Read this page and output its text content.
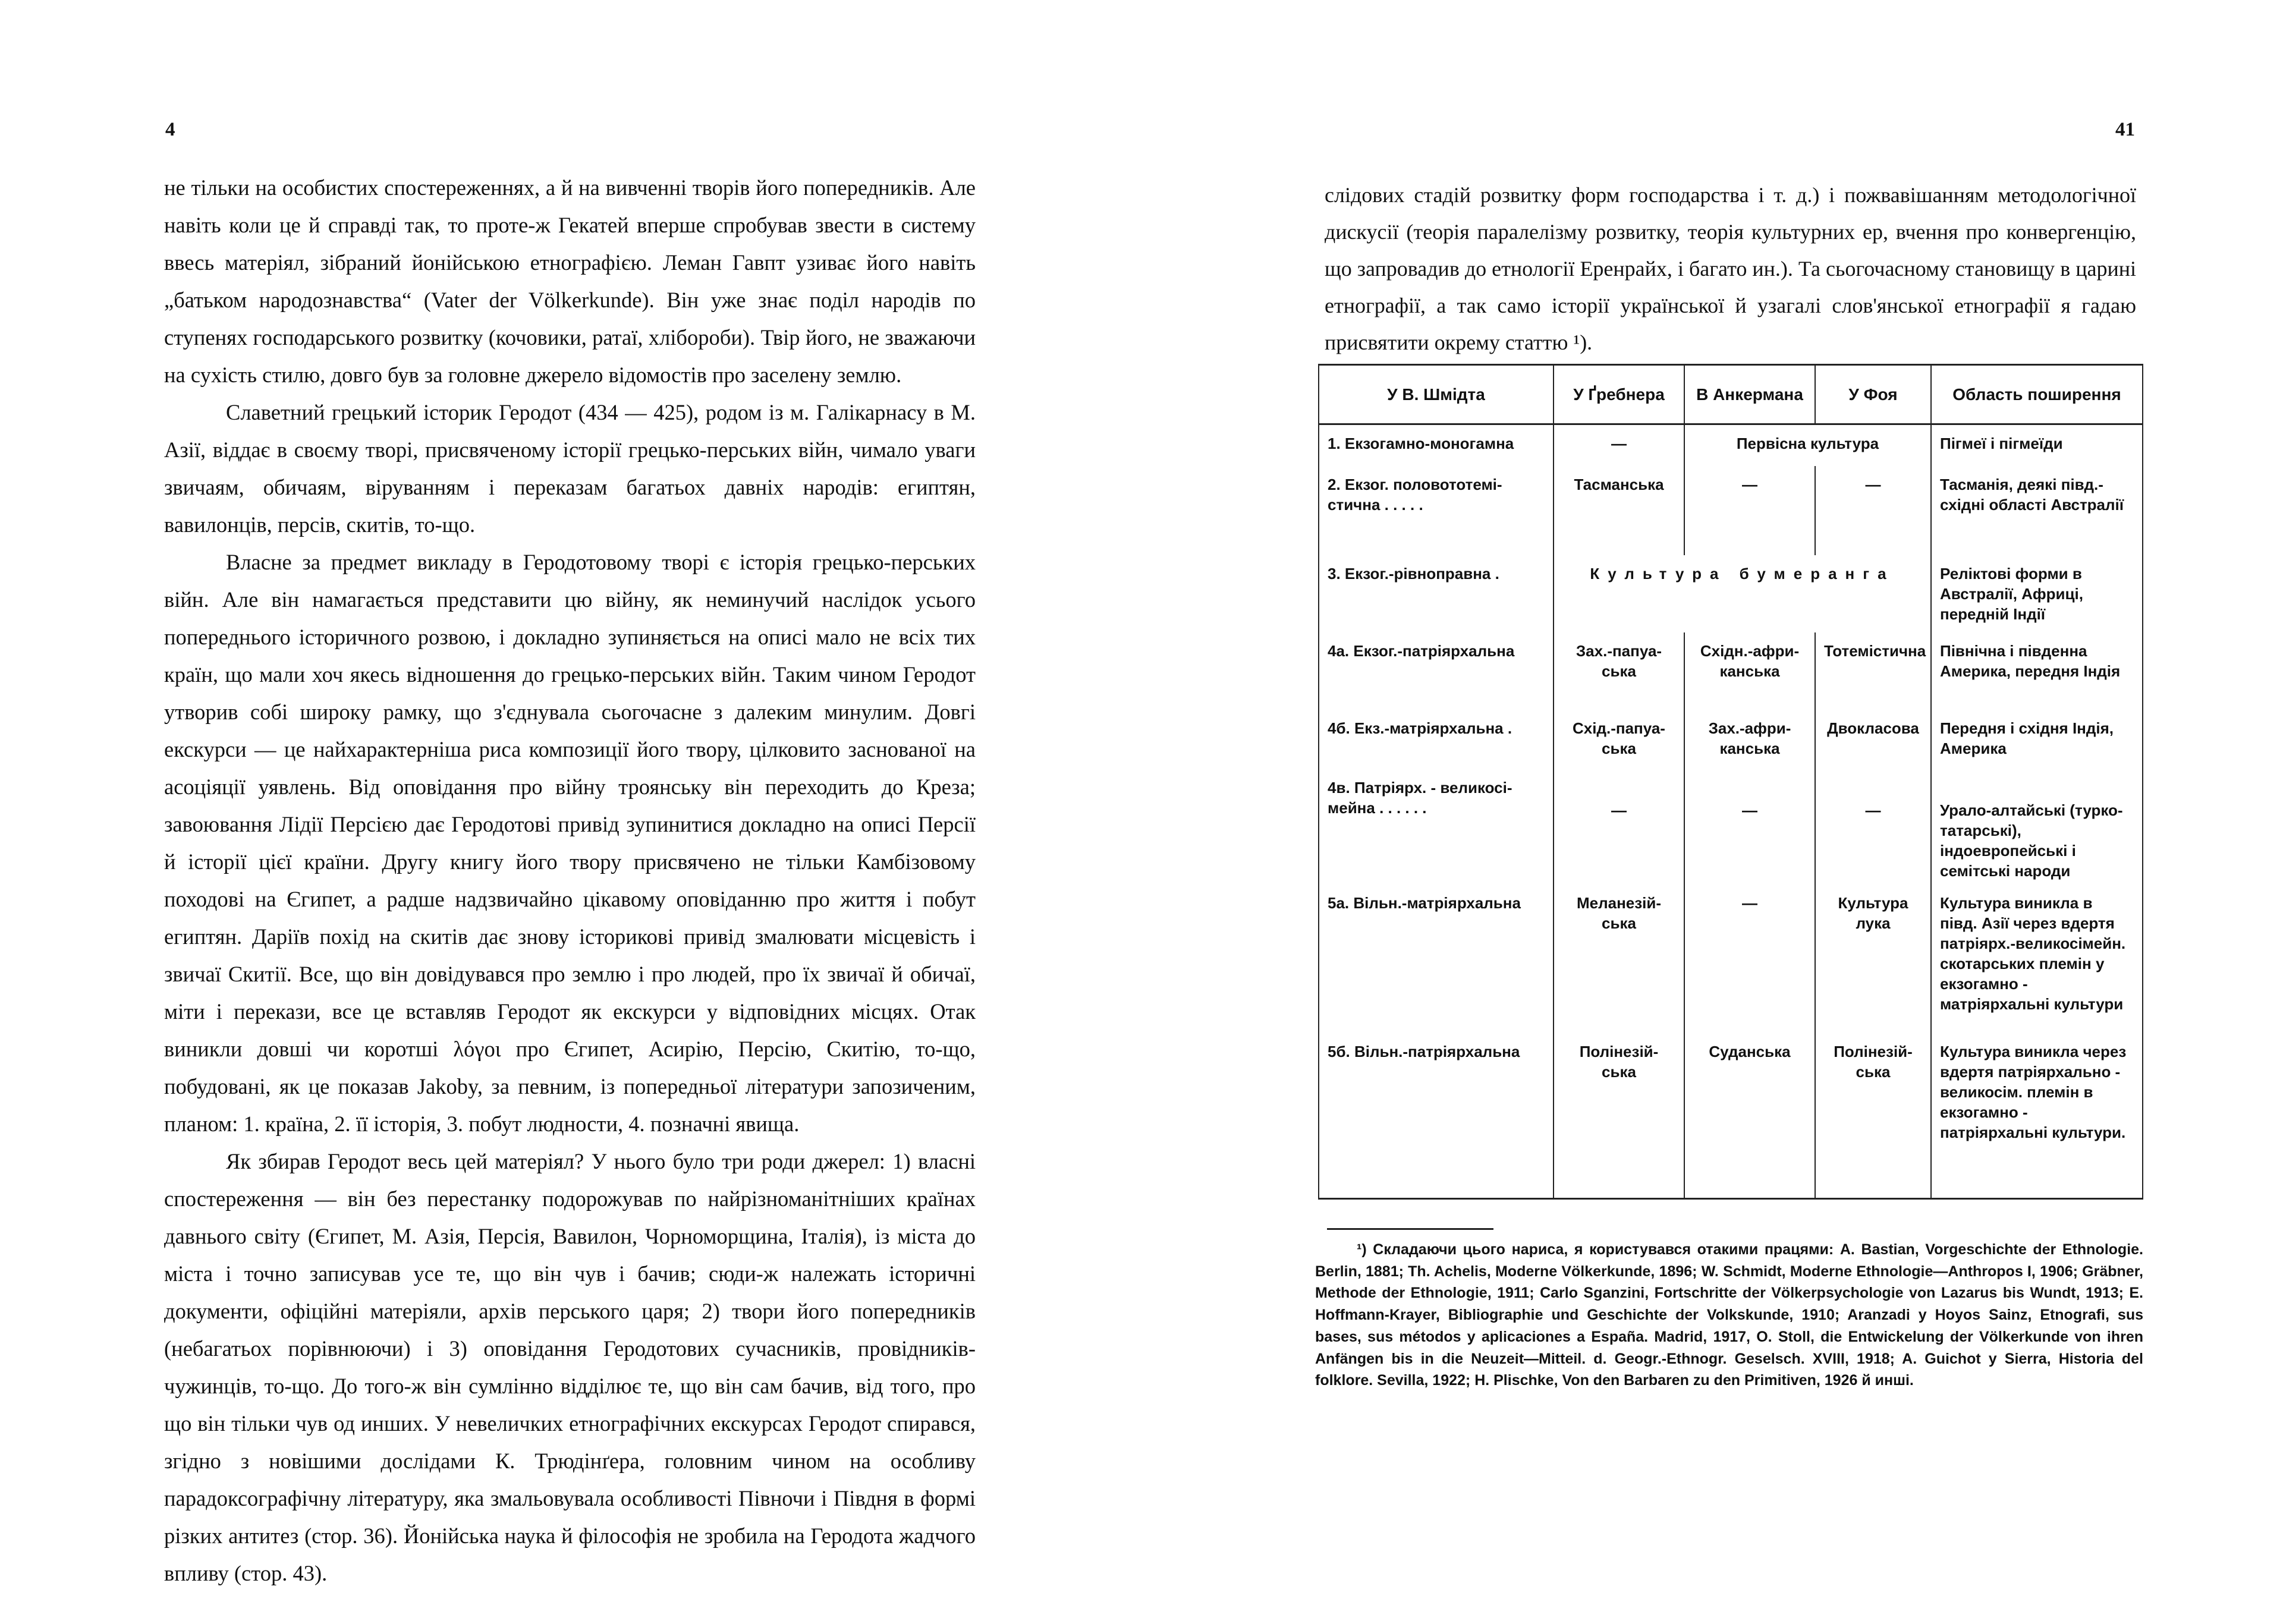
4	41

не тільки на особистих спостереженнях, а й на вивченні творів його попередників. Але навіть коли це й справді так, то проте-ж Гекатей вперше спробував звести в систему ввесь матеріял, зібраний йонійською етнографією. Леман Гавпт узиває його навіть „батьком народознавства“ (Vater der Völkerkunde). Він уже знає поділ народів по ступенях господарського розвитку (кочовики, ратаї, хлібороби). Твір його, не зважаючи на сухість стилю, довго був за головне джерело відомостів про заселену землю.

Славетний грецький історик Геродот (434 — 425), родом із м. Галікарнасу в М. Азії, віддає в своєму творі, присвяченому історії грецько-перських війн, чимало уваги звичаям, обичаям, віруванням і переказам багатьох давніх народів: египтян, вавилонців, персів, скитів, то-що.

Власне за предмет викладу в Геродотовому творі є історія грецько-перських війн. Але він намагається представити цю війну, як неминучий наслідок усього попереднього історичного розвою, і докладно зупиняється на описі мало не всіх тих країн, що мали хоч якесь відношення до грецько-перських війн. Таким чином Геродот утворив собі широку рамку, що з'єднувала сьогочасне з далеким минулим. Довгі екскурси — це найхарактерніша риса композиції його твору, цілковито заснованої на асоціяції уявлень. Від оповідання про війну троянську він переходить до Креза; завоювання Лідії Персією дає Геродотові привід зупинитися докладно на описі Персії й історії цієї країни. Другу книгу його твору присвячено не тільки Камбізовому походові на Єгипет, а радше надзвичайно цікавому оповіданню про життя і побут египтян. Даріїв похід на скитів дає знову історикові привід змалювати місцевість і звичаї Скитії. Все, що він довідувався про землю і про людей, про їх звичаї й обичаї, міти і перекази, все це вставляв Геродот як екскурси у відповідних місцях. Отак виникли довші чи коротші λόγοι про Єгипет, Асирію, Персію, Скитію, то-що, побудовані, як це показав Jakoby, за певним, із попередньої літератури запозиченим, планом: 1. країна, 2. її історія, 3. побут людности, 4. позначні явища.

Як збирав Геродот весь цей матеріял? У нього було три роди джерел: 1) власні спостереження — він без перестанку подорожував по найрізноманітніших країнах давнього світу (Єгипет, М. Азія, Персія, Вавилон, Чорноморщина, Італія), із міста до міста і точно записував усе те, що він чув і бачив; сюди-ж належать історичні документи, офіційні матеріяли, архів перського царя; 2) твори його попередників (небагатьох порівнюючи) і 3) оповідання Геродотових сучасників, провідників-чужинців, то-що. До того-ж він сумлінно відділює те, що він сам бачив, від того, про що він тільки чув од инших. У невеличких етнографічних екскурсах Геродот спирався, згідно з новішими дослідами К. Трюдінґера, головним чином на особливу парадоксографічну літературу, яка змальовувала особливості Півночи і Півдня в формі різких антитез (стор. 36). Йонійська наука й філософія не зробила на Геродота жадчого впливу (стор. 43).

слідових стадій розвитку форм господарства і т. д.) і пожвавішанням методологічної дискусії (теорія паралелізму розвитку, теорія культурних ер, вчення про конвергенцію, що запровадив до етнології Еренрайх, і багато ин.). Та сьогочасному становищу в царині етнографії, а так само історії української й узагалі слов'янської етнографії я гадаю присвятити окрему статтю ¹).

У В. Шмідта	У Ґребнера	В Анкермана	У Фоя	Область поширення
1. Екзогамно-моногамна	—	Первісна культура		Пігмеї і пігмеїди
2. Екзог. половототемі-стична . . . . .	Тасманська	—	—	Тасманія, деякі півд.-східні області Австралії
3. Екзог.-рівноправна .	Культура бумеранга			Реліктові форми в Австралії, Африці, передній Індії
4а. Екзог.-патріярхальна	Зах.-папуа-ська	Східн.-афри-канська	Тотемістична	Північна і південна Америка, передня Індія
4б. Екз.-матріярхальна .	Схід.-папуа-ська	Зах.-афри-канська	Двокласова	Передня і східня Індія, Америка
4в. Патріярх. - великосі-мейна . . . . . .	—	—	—	Урало-алтайські (турко-татарські), індоевропейські і семітські народи
5а. Вільн.-матріярхальна	Меланезій-ська	—	Культура лука	Культура виникла в півд. Азії через вдертя патріярх.-великосімейн. скотарських племін у екзогамно - матріярхальні культури
5б. Вільн.-патріярхальна	Полінезій-ська	Суданська	Полінезій-ська	Культура виникла через вдертя патріярхально - великосім. племін в екзогамно - патріярхальні культури.

¹) Складаючи цього нариса, я користувався отакими працями: A. Bastian, Vorgeschichte der Ethnologie. Berlin, 1881; Th. Achelis, Moderne Völkerkunde, 1896; W. Schmidt, Moderne Ethnologie—Anthropos I, 1906; Gräbner, Methode der Ethnologie, 1911; Carlo Sganzini, Fortschritte der Völkerpsychologie von Lazarus bis Wundt, 1913; E. Hoffmann-Krayer, Bibliographie und Geschichte der Volkskunde, 1910; Aranzadi y Hoyos Sainz, Etnografi, sus bases, sus métodos y aplicaciones a España. Madrid, 1917, O. Stoll, die Entwickelung der Völkerkunde von ihren Anfängen bis in die Neuzeit—Mitteil. d. Geogr.-Ethnogr. Geselsch. XVIII, 1918; A. Guichot y Sierra, Historia del folklore. Sevilla, 1922; H. Plischke, Von den Barbaren zu den Primitiven, 1926 й инші.
